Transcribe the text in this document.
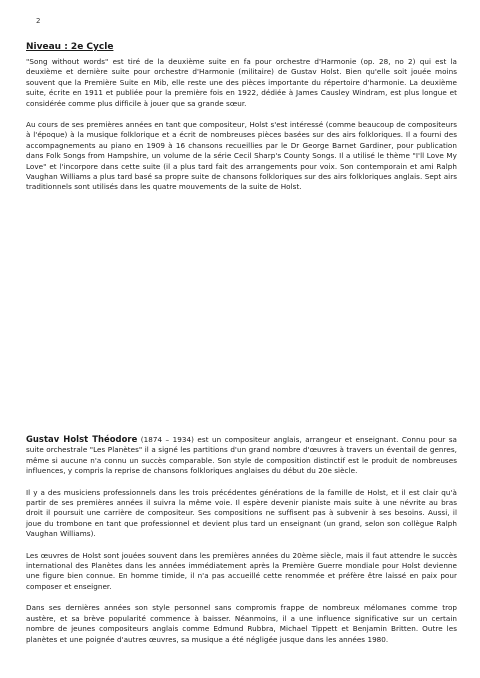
2
Niveau : 2e Cycle

"Song without words" est tiré de la deuxième suite en fa pour orchestre d'Harmonie (op. 28, no 2) qui est la deuxième et dernière suite pour orchestre d'Harmonie (militaire) de Gustav Holst. Bien qu'elle soit jouée moins souvent que la Première Suite en Mib, elle reste une des pièces importante du répertoire d'harmonie. La deuxième suite, écrite en 1911 et publiée pour la première fois en 1922, dédiée à James Causley Windram, est plus longue et considérée comme plus difficile à jouer que sa grande sœur.

Au cours de ses premières années en tant que compositeur, Holst s'est intéressé (comme beaucoup de compositeurs à l'époque) à la musique folklorique et a écrit de nombreuses pièces basées sur des airs folkloriques. Il a fourni des accompagnements au piano en 1909 à 16 chansons recueillies par le Dr George Barnet Gardiner, pour publication dans Folk Songs from Hampshire, un volume de la série Cecil Sharp's County Songs. Il a utilisé le thème "I'll Love My Love" et l'incorpore dans cette suite (il a plus tard fait des arrangements pour voix. Son contemporain et ami Ralph Vaughan Williams a plus tard basé sa propre suite de chansons folkloriques sur des airs folkloriques anglais. Sept airs traditionnels sont utilisés dans les quatre mouvements de la suite de Holst.

Gustav Holst Théodore (1874 – 1934) est un compositeur anglais, arrangeur et enseignant. Connu pour sa suite orchestrale "Les Planètes" il a signé les partitions d'un grand nombre d'œuvres à travers un éventail de genres, même si aucune n'a connu un succès comparable. Son style de composition distinctif est le produit de nombreuses influences, y compris la reprise de chansons folkloriques anglaises du début du 20e siècle.

Il y a des musiciens professionnels dans les trois précédentes générations de la famille de Holst, et il est clair qu'à partir de ses premières années il suivra la même voie. Il espère devenir pianiste mais suite à une névrite au bras droit il poursuit une carrière de compositeur. Ses compositions ne suffisent pas à subvenir à ses besoins. Aussi, il joue du trombone en tant que professionnel et devient plus tard un enseignant (un grand, selon son collègue Ralph Vaughan Williams).

Les œuvres de Holst sont jouées souvent dans les premières années du 20ème siècle, mais il faut attendre le succès international des Planètes dans les années immédiatement après la Première Guerre mondiale pour Holst devienne une figure bien connue. En homme timide, il n'a pas accueillé cette renommée et préfère être laissé en paix pour composer et enseigner.

Dans ses dernières années son style personnel sans compromis frappe de nombreux mélomanes comme trop austère, et sa brève popularité commence à baisser. Néanmoins, il a une influence significative sur un certain nombre de jeunes compositeurs anglais comme Edmund Rubbra, Michael Tippett et Benjamin Britten. Outre les planètes et une poignée d'autres œuvres, sa musique a été négligée jusque dans les années 1980.
